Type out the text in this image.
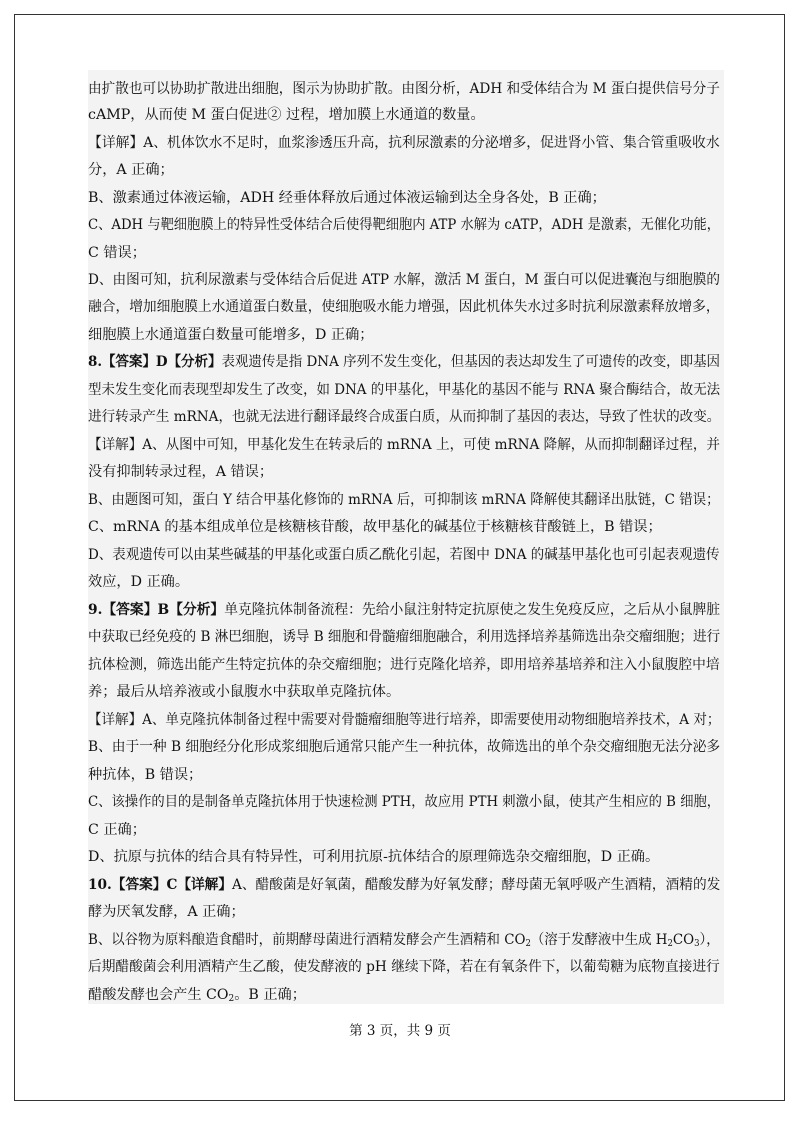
由扩散也可以协助扩散进出细胞，图示为协助扩散。由图分析，ADH 和受体结合为 M 蛋白提供信号分子
cAMP，从而使 M 蛋白促进② 过程，增加膜上水通道的数量。
【详解】A、机体饮水不足时，血浆渗透压升高，抗利尿激素的分泌增多，促进肾小管、集合管重吸收水
分，A 正确；
B、激素通过体液运输，ADH 经垂体释放后通过体液运输到达全身各处，B 正确；
C、ADH 与靶细胞膜上的特异性受体结合后使得靶细胞内 ATP 水解为 cATP，ADH 是激素，无催化功能，
C 错误；
D、由图可知，抗利尿激素与受体结合后促进 ATP 水解，激活 M 蛋白，M 蛋白可以促进囊泡与细胞膜的
融合，增加细胞膜上水通道蛋白数量，使细胞吸水能力增强，因此机体失水过多时抗利尿激素释放增多，
细胞膜上水通道蛋白数量可能增多，D 正确；
8.【答案】D【分析】表观遗传是指 DNA 序列不发生变化，但基因的表达却发生了可遗传的改变，即基因
型未发生变化而表现型却发生了改变，如 DNA 的甲基化，甲基化的基因不能与 RNA 聚合酶结合，故无法
进行转录产生 mRNA，也就无法进行翻译最终合成蛋白质，从而抑制了基因的表达，导致了性状的改变。
【详解】A、从图中可知，甲基化发生在转录后的 mRNA 上，可使 mRNA 降解，从而抑制翻译过程，并
没有抑制转录过程，A 错误；
B、由题图可知，蛋白 Y 结合甲基化修饰的 mRNA 后，可抑制该 mRNA 降解使其翻译出肽链，C 错误；
C、mRNA 的基本组成单位是核糖核苷酸，故甲基化的碱基位于核糖核苷酸链上，B 错误；
D、表观遗传可以由某些碱基的甲基化或蛋白质乙酰化引起，若图中 DNA 的碱基甲基化也可引起表观遗传
效应，D 正确。
9.【答案】B【分析】单克隆抗体制备流程：先给小鼠注射特定抗原使之发生免疫反应，之后从小鼠脾脏
中获取已经免疫的 B 淋巴细胞，诱导 B 细胞和骨髓瘤细胞融合，利用选择培养基筛选出杂交瘤细胞；进行
抗体检测，筛选出能产生特定抗体的杂交瘤细胞；进行克隆化培养，即用培养基培养和注入小鼠腹腔中培
养；最后从培养液或小鼠腹水中获取单克隆抗体。
【详解】A、单克隆抗体制备过程中需要对骨髓瘤细胞等进行培养，即需要使用动物细胞培养技术，A 对；
B、由于一种 B 细胞经分化形成浆细胞后通常只能产生一种抗体，故筛选出的单个杂交瘤细胞无法分泌多
种抗体，B 错误；
C、该操作的目的是制备单克隆抗体用于快速检测 PTH，故应用 PTH 刺激小鼠，使其产生相应的 B 细胞，
C 正确；
D、抗原与抗体的结合具有特异性，可利用抗原-抗体结合的原理筛选杂交瘤细胞，D 正确。
10.【答案】C【详解】A、醋酸菌是好氧菌，醋酸发酵为好氧发酵；酵母菌无氧呼吸产生酒精，酒精的发
酵为厌氧发酵，A 正确；
B、以谷物为原料酿造食醋时，前期酵母菌进行酒精发酵会产生酒精和 $CO_2$（溶于发酵液中生成 $H_2CO_3$），
后期醋酸菌会利用酒精产生乙酸，使发酵液的 pH 继续下降，若在有氧条件下，以葡萄糖为底物直接进行
醋酸发酵也会产生 $CO_2$。B 正确；
第 3 页，共 9 页
